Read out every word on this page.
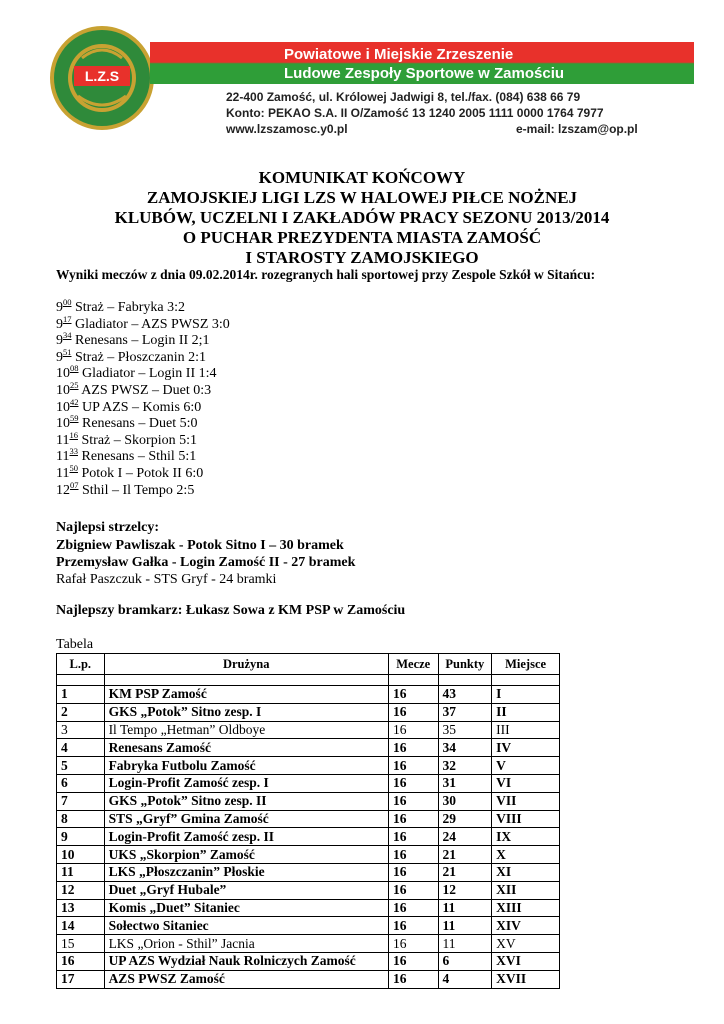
L.Z.S
Powiatowe i Miejskie Zrzeszenie
Ludowe Zespoły Sportowe w Zamościu
22-400 Zamość, ul. Królowej Jadwigi 8, tel./fax. (084) 638 66 79
Konto: PEKAO S.A. II O/Zamość 13 1240 2005 1111 0000 1764 7977
www.lzszamosc.y0.pl	e-mail: lzszam@op.pl
KOMUNIKAT KOŃCOWY
ZAMOJSKIEJ LIGI LZS W HALOWEJ PIŁCE NOŻNEJ
KLUBÓW, UCZELNI I ZAKŁADÓW PRACY SEZONU 2013/2014
O PUCHAR PREZYDENTA MIASTA ZAMOŚĆ
I STAROSTY ZAMOJSKIEGO
Wyniki meczów z dnia 09.02.2014r. rozegranych hali sportowej przy Zespole Szkół w Sitańcu:
$9^{00}$ Straż – Fabryka 3:2
$9^{17}$ Gladiator – AZS PWSZ 3:0
$9^{34}$ Renesans – Login II 2;1
$9^{51}$ Straż – Płoszczanin 2:1
$10^{08}$ Gladiator – Login II 1:4
$10^{25}$ AZS PWSZ – Duet 0:3
$10^{42}$ UP AZS – Komis 6:0
$10^{59}$ Renesans – Duet 5:0
$11^{16}$ Straż – Skorpion 5:1
$11^{33}$ Renesans – Sthil 5:1
$11^{50}$ Potok I – Potok II 6:0
$12^{07}$ Sthil – Il Tempo 2:5
Najlepsi strzelcy:
Zbigniew Pawliszak - Potok Sitno I – 30 bramek
Przemysław Gałka - Login Zamość II - 27 bramek
Rafał Paszczuk - STS Gryf - 24 bramki
Najlepszy bramkarz: Łukasz Sowa z KM PSP w Zamościu
Tabela
L.p.	Drużyna	Mecze	Punkty	Miejsce

1	KM PSP Zamość	16	43	I
2	GKS „Potok” Sitno zesp. I	16	37	II
3	Il Tempo „Hetman” Oldboye	16	35	III
4	Renesans Zamość	16	34	IV
5	Fabryka Futbolu Zamość	16	32	V
6	Login-Profit Zamość zesp. I	16	31	VI
7	GKS „Potok” Sitno zesp. II	16	30	VII
8	STS „Gryf” Gmina Zamość	16	29	VIII
9	Login-Profit Zamość zesp. II	16	24	IX
10	UKS „Skorpion” Zamość	16	21	X
11	LKS „Płoszczanin” Płoskie	16	21	XI
12	Duet „Gryf Hubale”	16	12	XII
13	Komis „Duet” Sitaniec	16	11	XIII
14	Sołectwo Sitaniec	16	11	XIV
15	LKS „Orion - Sthil” Jacnia	16	11	XV
16	UP AZS Wydział Nauk Rolniczych Zamość	16	6	XVI
17	AZS PWSZ Zamość	16	4	XVII
